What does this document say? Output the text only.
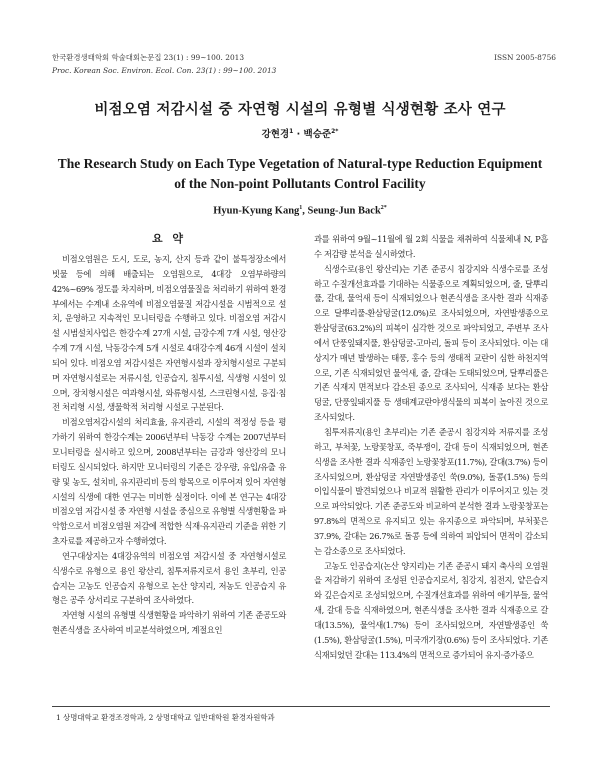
한국환경생태학회 학술대회논문집 23(1) : 99~100. 2013
Proc. Korean Soc. Environ. Ecol. Con. 23(1) : 99~100. 2013
ISSN 2005-8756
비점오염 저감시설 중 자연형 시설의 유형별 식생현황 조사 연구
강현경$^1$ · 백승준$^{2*}$
The Research Study on Each Type Vegetation of Natural-type Reduction Equipment
of the Non-point Pollutants Control Facility
Hyun-Kyung Kang$^1$, Seung-Jun Back$^{2*}$
요 약

비점오염원은 도시, 도로, 농지, 산지 등과 같이 불특정장소에서 빗물 등에 의해 배출되는 오염원으로, 4대강 오염부하량의 42%~69% 정도를 차지하며, 비점오염물질을 처리하기 위하여 환경부에서는 수계내 소유역에 비점오염물질 저감시설을 시범적으로 설치, 운영하고 지속적인 모니터링을 수행하고 있다. 비점오염 저감시설 시범설치사업은 한강수계 27개 시설, 금강수계 7개 시설, 영산강수계 7개 시설, 낙동강수계 5개 시설로 4대강수계 46개 시설이 설치되어 있다. 비점오염 저감시설은 자연형시설과 장치형시설로 구분되며 자연형시설로는 저류시설, 인공습지, 침투시설, 식생형 시설이 있으며, 장치형시설은 여과형시설, 와류형시설, 스크린형시설, 응집·침전 처리형 시설, 생물학적 처리형 시설로 구분된다.

비점오염저감시설의 처리효율, 유지관리, 시설의 적정성 등을 평가하기 위하여 한강수계는 2006년부터 낙동강 수계는 2007년부터 모니터링을 실시하고 있으며, 2008년부터는 금강과 영산강의 모니터링도 실시되었다. 하지만 모니터링의 기준은 강우량, 유입/유출 유량 및 농도, 설치비, 유지관리비 등의 항목으로 이루어져 있어 자연형 시설의 식생에 대한 연구는 미비한 실정이다. 이에 본 연구는 4대강 비점오염 저감시설 중 자연형 시설을 중심으로 유형별 식생현황을 파악함으로서 비점오염원 저감에 적합한 식재·유지관리 기준을 위한 기초자료를 제공하고자 수행하였다.

연구대상지는 4대강유역의 비점오염 저감시설 중 자연형시설로 식생수로 유형으로 용인 왕산리, 침투저류지로서 용인 초부리, 인공습지는 고농도 인공습지 유형으로 논산 양지리, 저농도 인공습지 유형은 공주 상서리로 구분하여 조사하였다.

자연형 시설의 유형별 식생현황을 파악하기 위하여 기존 준공도와 현존식생을 조사하여 비교분석하였으며, 계절요인

과를 위하여 9월~11월에 월 2회 식물을 채취하여 식물체내 N, P흡수 저감량 분석을 실시하였다.

식생수로(용인 왕산리)는 기존 준공시 침강지와 식생수로를 조성하고 수질개선효과를 기대하는 식물종으로 계획되었으며, 줄, 달뿌리풀, 갈대, 물억새 등이 식재되었으나 현존식생을 조사한 결과 식재종으로 달뿌리풀-환삼덩굴(12.0%)로 조사되었으며, 자연발생종으로 환삼덩굴(63.2%)의 피복이 심각한 것으로 파악되었고, 주변부 조사에서 단풍잎돼지풀, 환삼덩굴-고마리, 돌피 등이 조사되었다. 이는 대상지가 매년 발생하는 태풍, 홍수 등의 생태적 교란이 심한 하천지역으로, 기존 식재되었던 물억새, 줄, 갈대는 도태되었으며, 달뿌리풀은 기존 식재지 면적보다 감소된 종으로 조사되어, 식재종 보다는 환삼덩굴, 단풍잎돼지풀 등 생태계교란야생식물의 피복이 높아진 것으로 조사되었다.

침투저류지(용인 초부리)는 기존 준공시 침강지와 저류지를 조성하고, 부처꽃, 노랑꽃창포, 죽부쟁이, 갈대 등이 식재되었으며, 현존식생을 조사한 결과 식재종인 노랑꽃창포(11.7%), 갈대(3.7%) 등이 조사되었으며, 환삼덩굴 자연발생종인 쑥(9.0%), 돌콩(1.5%) 등의 이입식물이 발견되었으나 비교적 원활한 관리가 이루어지고 있는 것으로 파악되었다. 기존 준공도와 비교하여 분석한 결과 노랑꽃창포는 97.8%의 면적으로 유지되고 있는 유지종으로 파악되며, 부처꽃은 37.9%, 갈대는 26.7%로 돌콩 등에 의하여 피압되어 면적이 감소되는 감소종으로 조사되었다.

고농도 인공습지(논산 양지리)는 기존 준공시 돼지 축사의 오염원을 저감하기 위하여 조성된 인공습지로서, 침강지, 침전지, 얕은습지와 깊은습지로 조성되었으며, 수질개선효과를 위하여 애기부들, 물억새, 갈대 등을 식재하였으며, 현존식생을 조사한 결과 식재종으로 갈대(13.5%), 물억새(1.7%) 등이 조사되었으며, 자연발생종인 쑥(1.5%), 환삼덩굴(1.5%), 미국개기장(0.6%) 등이 조사되었다. 기존 식재되었던 갈대는 113.4%의 면적으로 증가되어 유지·증가종으

1 상명대학교 환경조경학과, 2 상명대학교 일반대학원 환경자원학과
